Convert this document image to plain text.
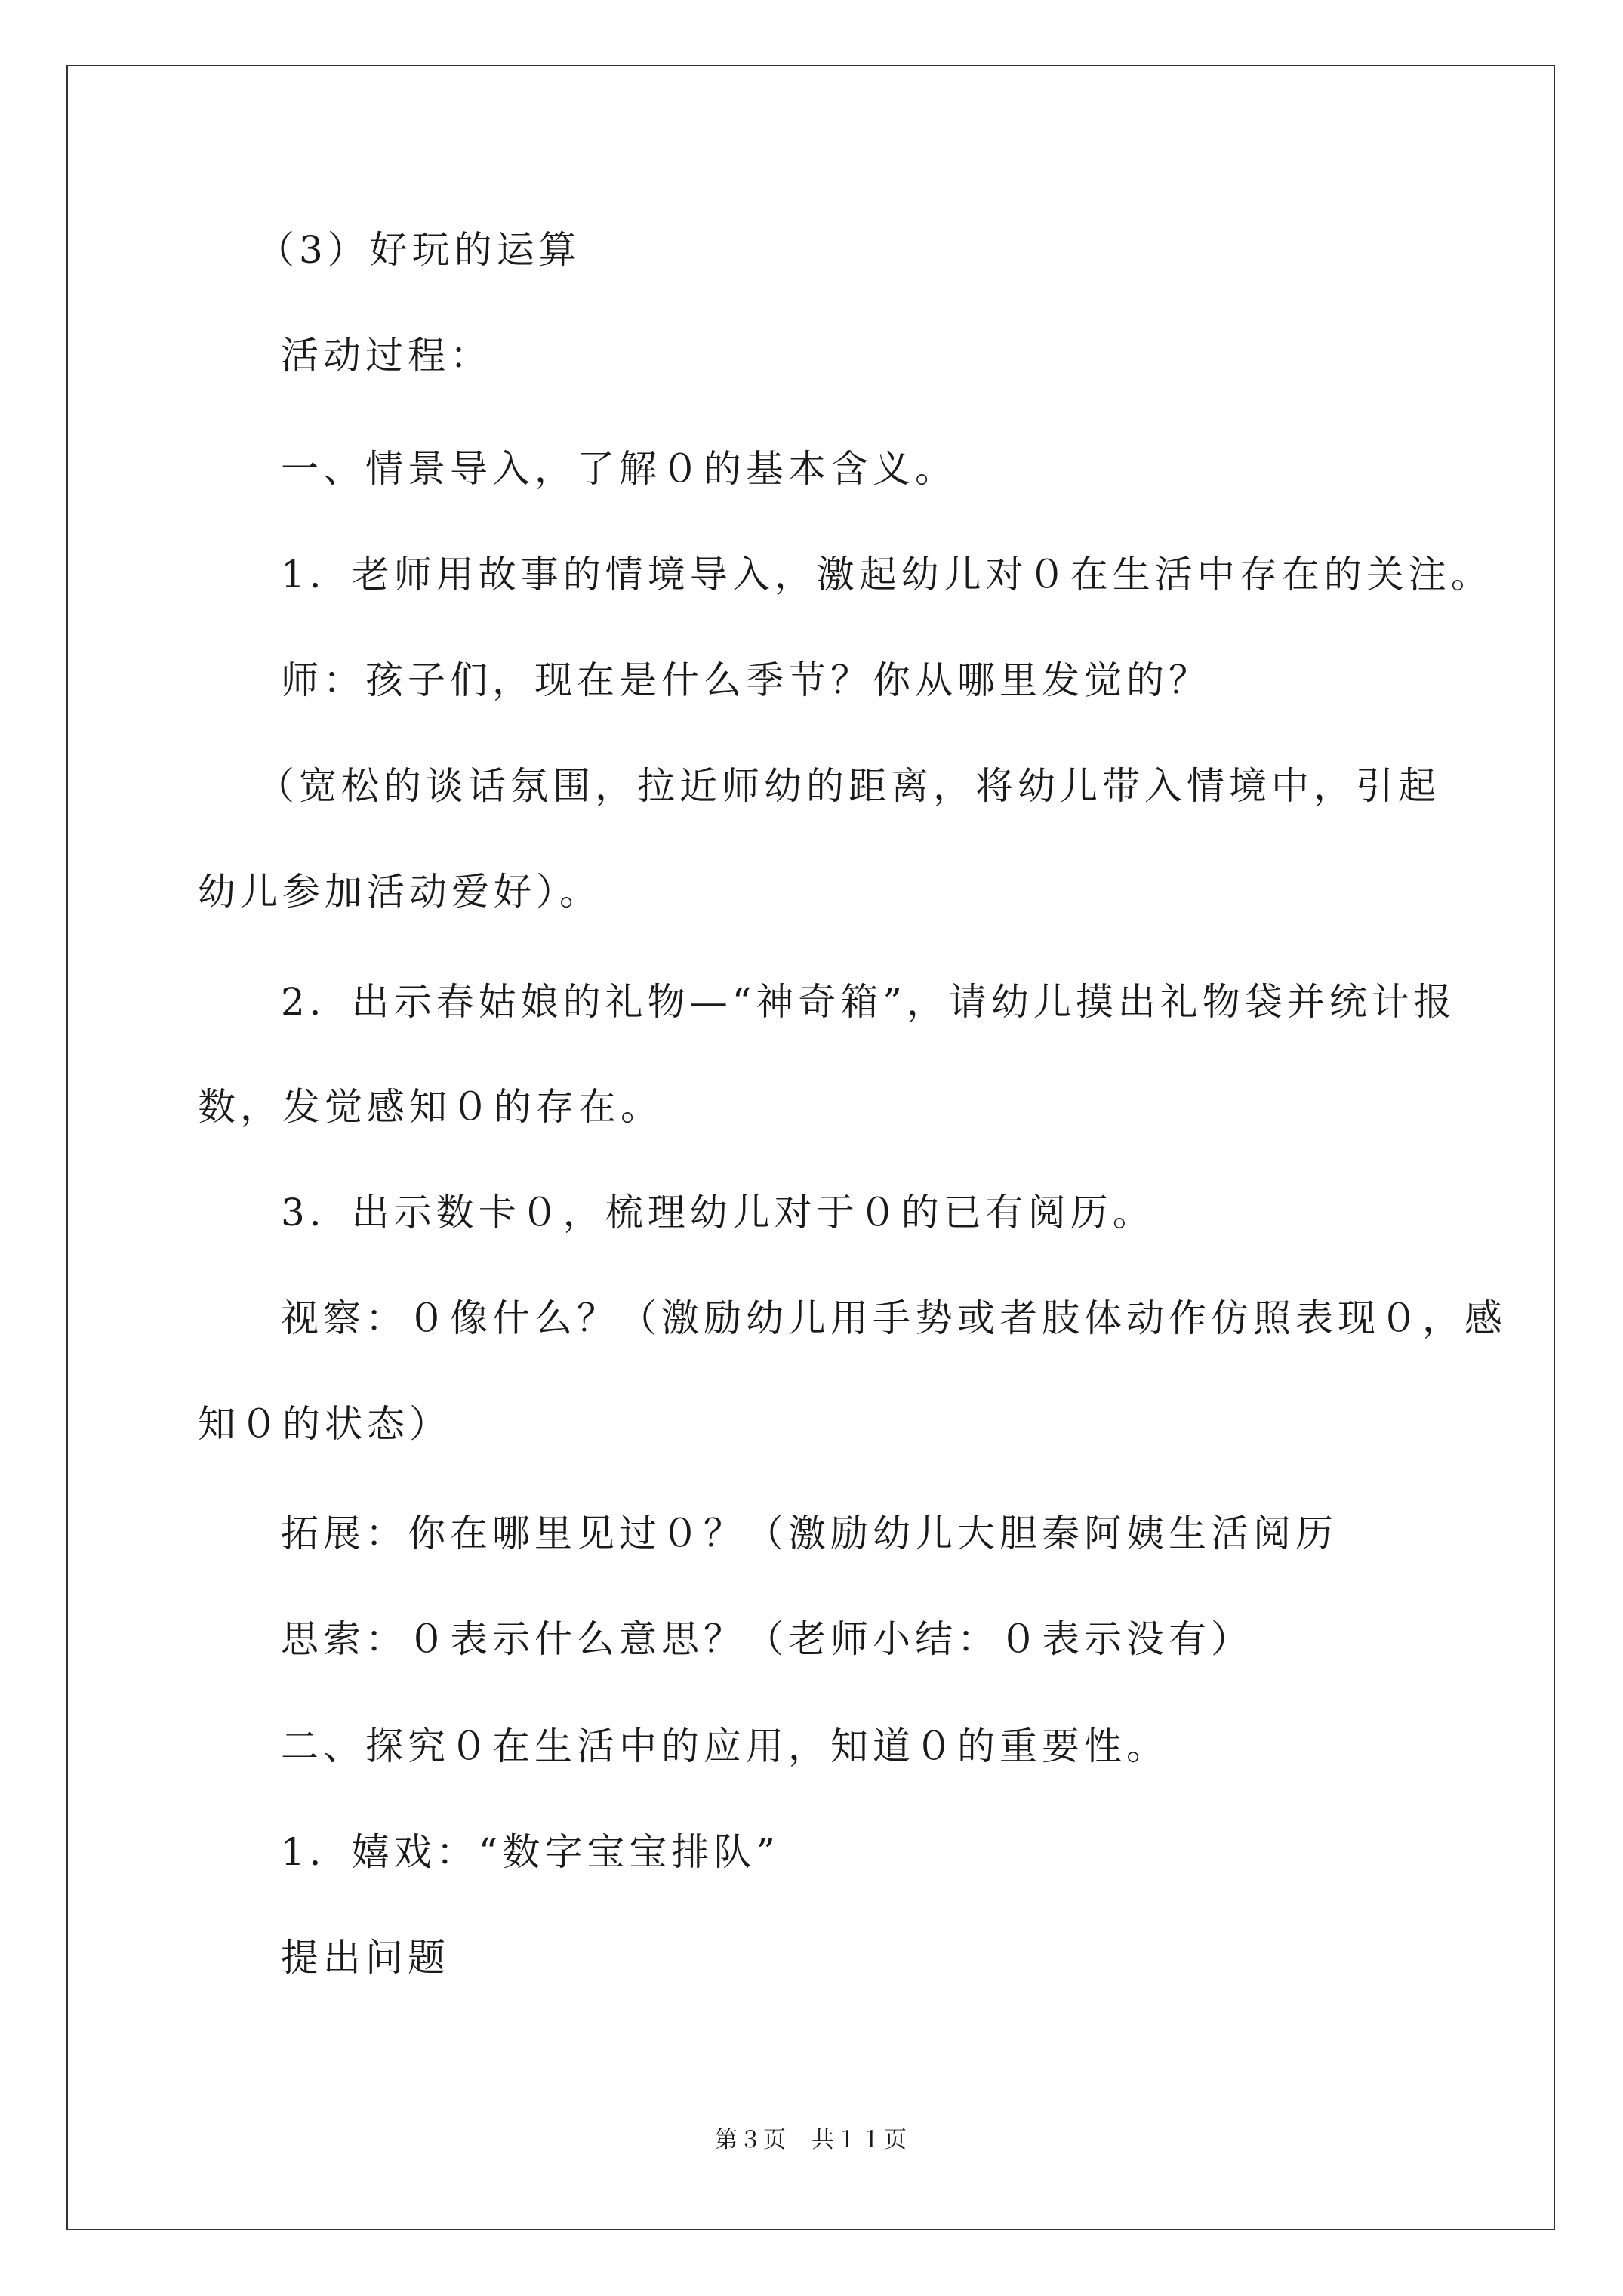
（3）好玩的运算

活动过程：

一、情景导入，了解０的基本含义。

1．老师用故事的情境导入，激起幼儿对０在生活中存在的关注。

师：孩子们，现在是什么季节？你从哪里发觉的？

（宽松的谈话氛围，拉近师幼的距离，将幼儿带入情境中，引起

幼儿参加活动爱好）。

2．出示春姑娘的礼物—“神奇箱”，请幼儿摸出礼物袋并统计报

数，发觉感知０的存在。

3．出示数卡０，梳理幼儿对于０的已有阅历。

视察：０像什么？（激励幼儿用手势或者肢体动作仿照表现０，感

知０的状态）

拓展：你在哪里见过０？（激励幼儿大胆秦阿姨生活阅历

思索：０表示什么意思？（老师小结：０表示没有）

二、探究０在生活中的应用，知道０的重要性。

1．嬉戏：“数字宝宝排队”

提出问题

第３页　共１１页
